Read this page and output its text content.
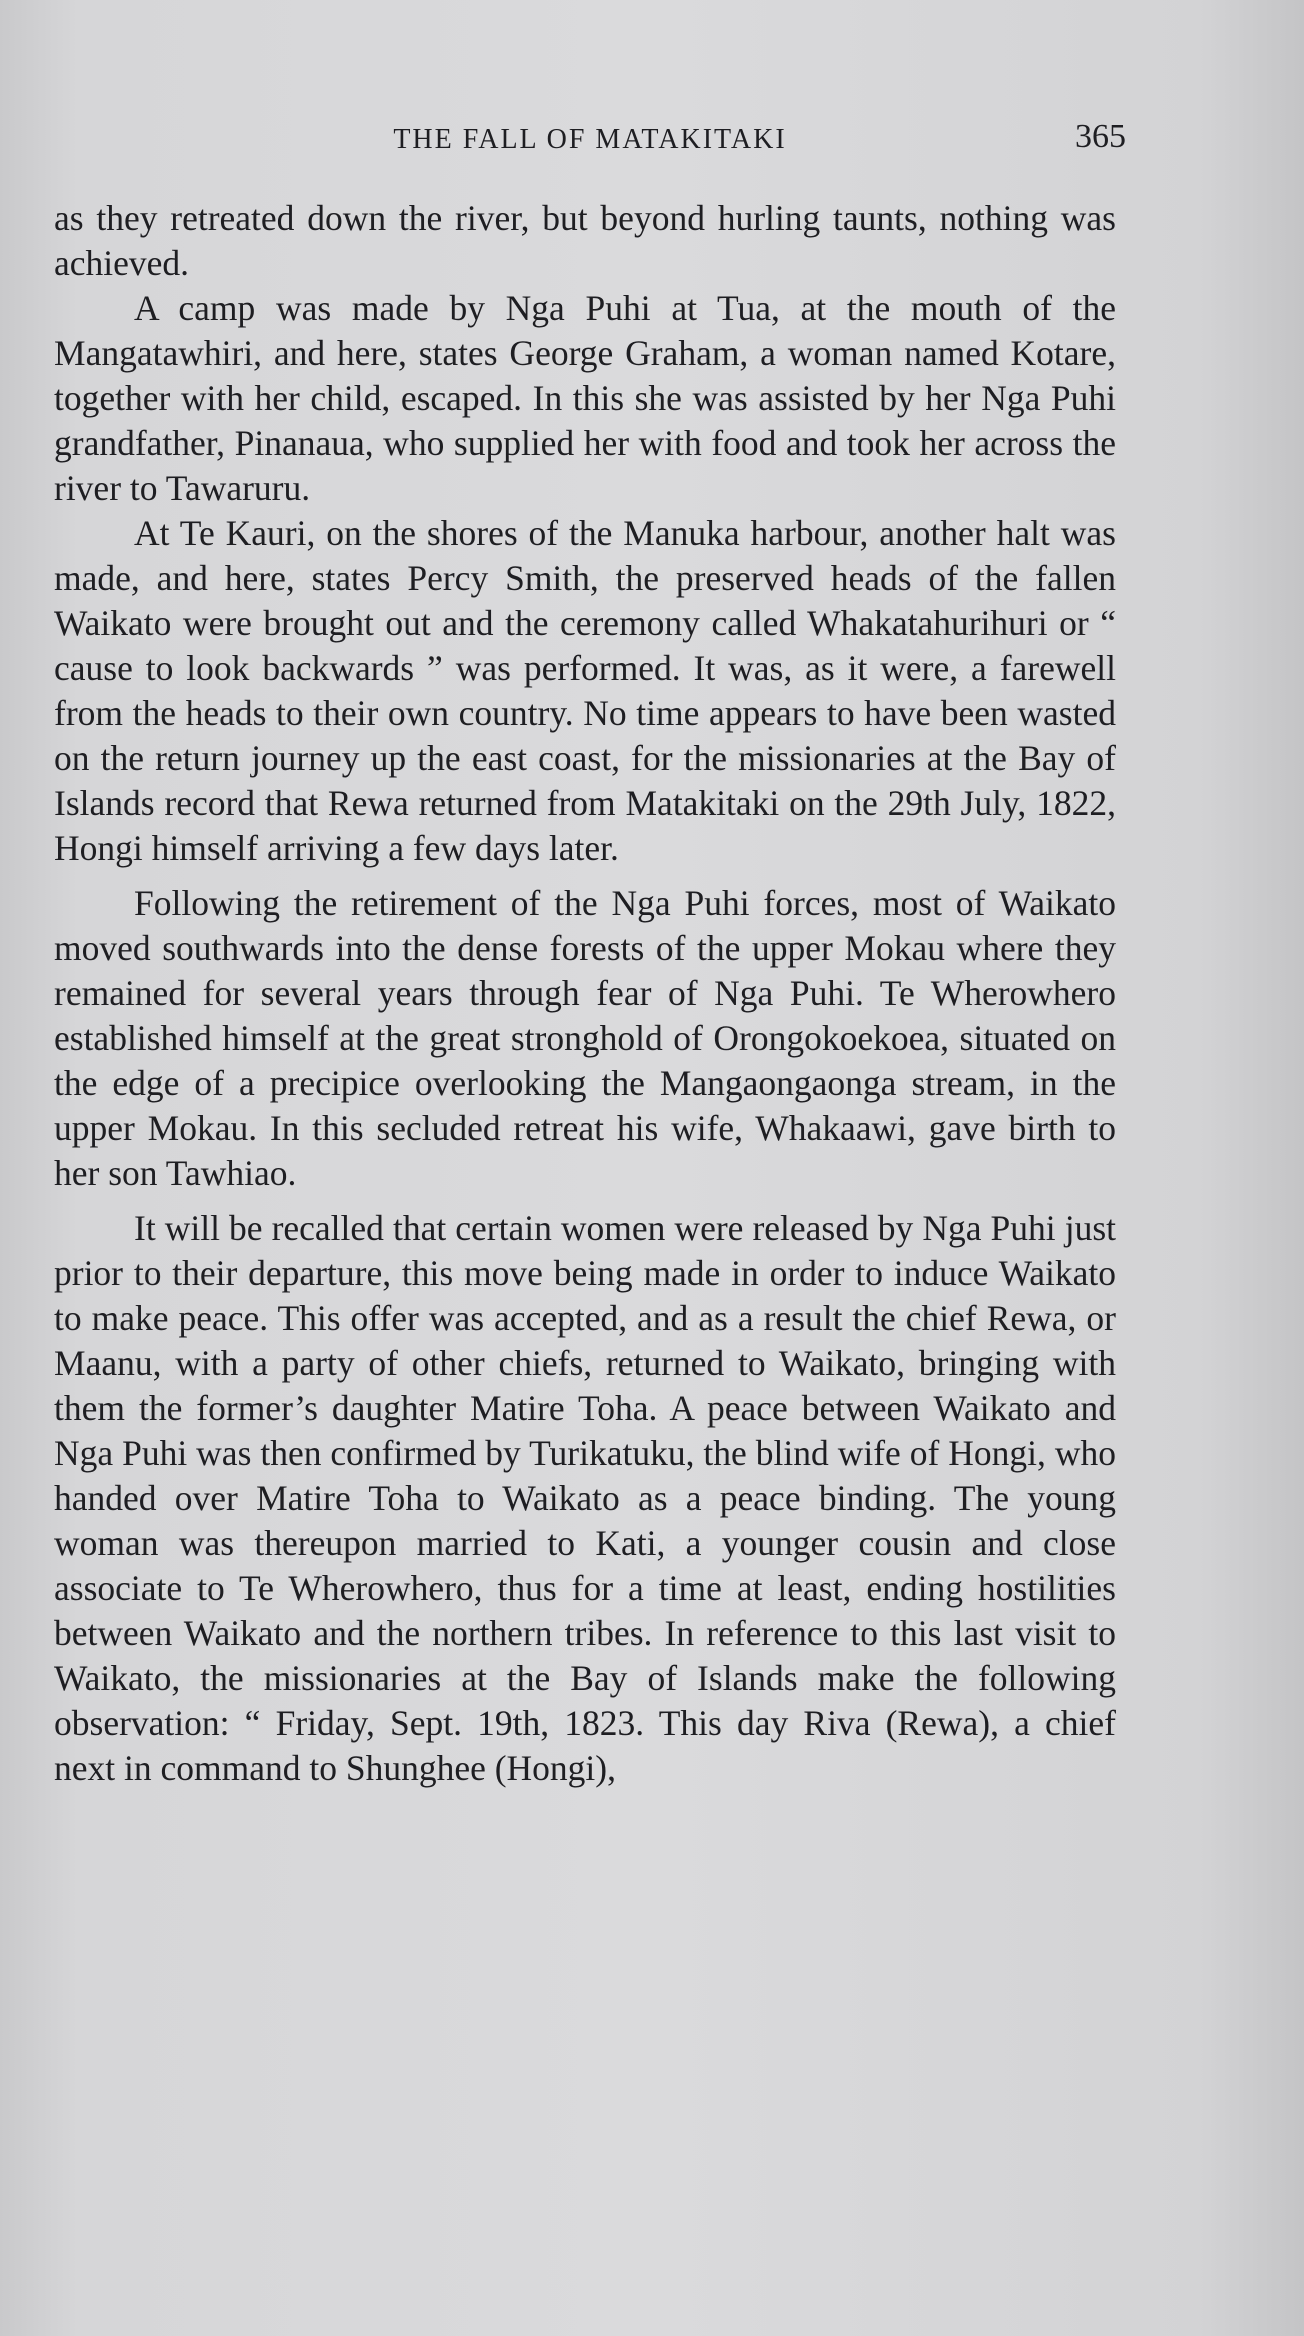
THE FALL OF MATAKITAKI	365

as they retreated down the river, but beyond hurling taunts, nothing was achieved.

A camp was made by Nga Puhi at Tua, at the mouth of the Mangatawhiri, and here, states George Graham, a woman named Kotare, together with her child, escaped. In this she was assisted by her Nga Puhi grandfather, Pinanaua, who supplied her with food and took her across the river to Tawaruru.

At Te Kauri, on the shores of the Manuka harbour, another halt was made, and here, states Percy Smith, the preserved heads of the fallen Waikato were brought out and the ceremony called Whakatahurihuri or “ cause to look backwards ” was performed. It was, as it were, a farewell from the heads to their own country. No time appears to have been wasted on the return journey up the east coast, for the missionaries at the Bay of Islands record that Rewa returned from Matakitaki on the 29th July, 1822, Hongi himself arriving a few days later.

Following the retirement of the Nga Puhi forces, most of Waikato moved southwards into the dense forests of the upper Mokau where they remained for several years through fear of Nga Puhi. Te Wherowhero established himself at the great stronghold of Orongokoekoea, situated on the edge of a precipice overlooking the Mangaongaonga stream, in the upper Mokau. In this secluded retreat his wife, Whakaawi, gave birth to her son Tawhiao.

It will be recalled that certain women were released by Nga Puhi just prior to their departure, this move being made in order to induce Waikato to make peace. This offer was accepted, and as a result the chief Rewa, or Maanu, with a party of other chiefs, returned to Waikato, bringing with them the former’s daughter Matire Toha. A peace between Waikato and Nga Puhi was then confirmed by Turikatuku, the blind wife of Hongi, who handed over Matire Toha to Waikato as a peace binding. The young woman was thereupon married to Kati, a younger cousin and close associate to Te Wherowhero, thus for a time at least, ending hostilities between Waikato and the northern tribes. In reference to this last visit to Waikato, the missionaries at the Bay of Islands make the following observation: “ Friday, Sept. 19th, 1823. This day Riva (Rewa), a chief next in command to Shunghee (Hongi),
